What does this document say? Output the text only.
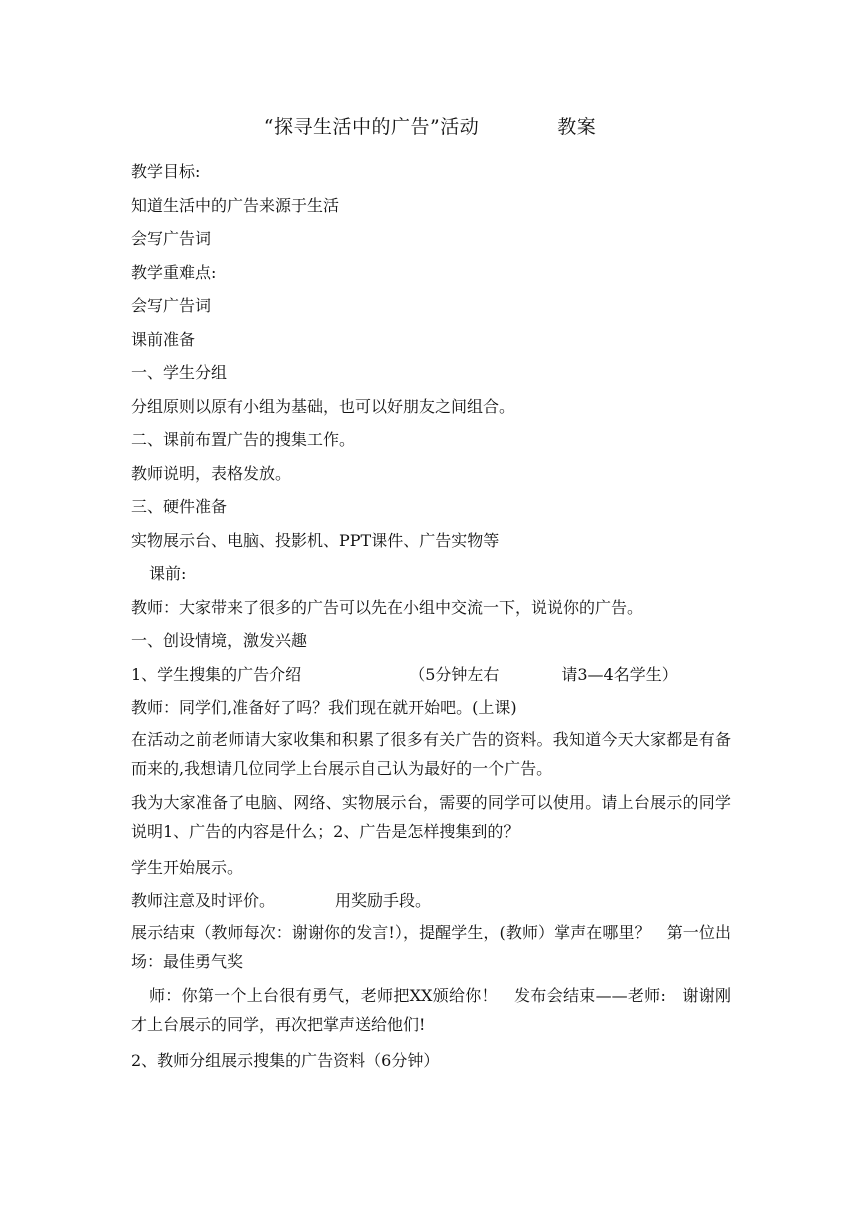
“探寻生活中的广告”活动	教案
教学目标:
知道生活中的广告来源于生活
会写广告词
教学重难点:
会写广告词
课前准备
一、学生分组
分组原则以原有小组为基础，也可以好朋友之间组合。
二、课前布置广告的搜集工作。
教师说明，表格发放。
三、硬件准备
实物展示台、电脑、投影机、PPT课件、广告实物等
课前:
教师：大家带来了很多的广告可以先在小组中交流一下，说说你的广告。
一、创设情境，激发兴趣
1、学生搜集的广告介绍	（5分钟左右	请3—4名学生）
教师：同学们,准备好了吗？我们现在就开始吧。(上课)
在活动之前老师请大家收集和积累了很多有关广告的资料。我知道今天大家都是有备而来的,我想请几位同学上台展示自己认为最好的一个广告。
我为大家准备了电脑、网络、实物展示台，需要的同学可以使用。请上台展示的同学说明1、广告的内容是什么；2、广告是怎样搜集到的？
学生开始展示。
教师注意及时评价。	用奖励手段。
展示结束（教师每次：谢谢你的发言!），提醒学生，(教师）掌声在哪里？　第一位出场：最佳勇气奖
师：你第一个上台很有勇气，老师把XX颁给你！　发布会结束——老师:　谢谢刚才上台展示的同学，再次把掌声送给他们!
2、教师分组展示搜集的广告资料（6分钟）
